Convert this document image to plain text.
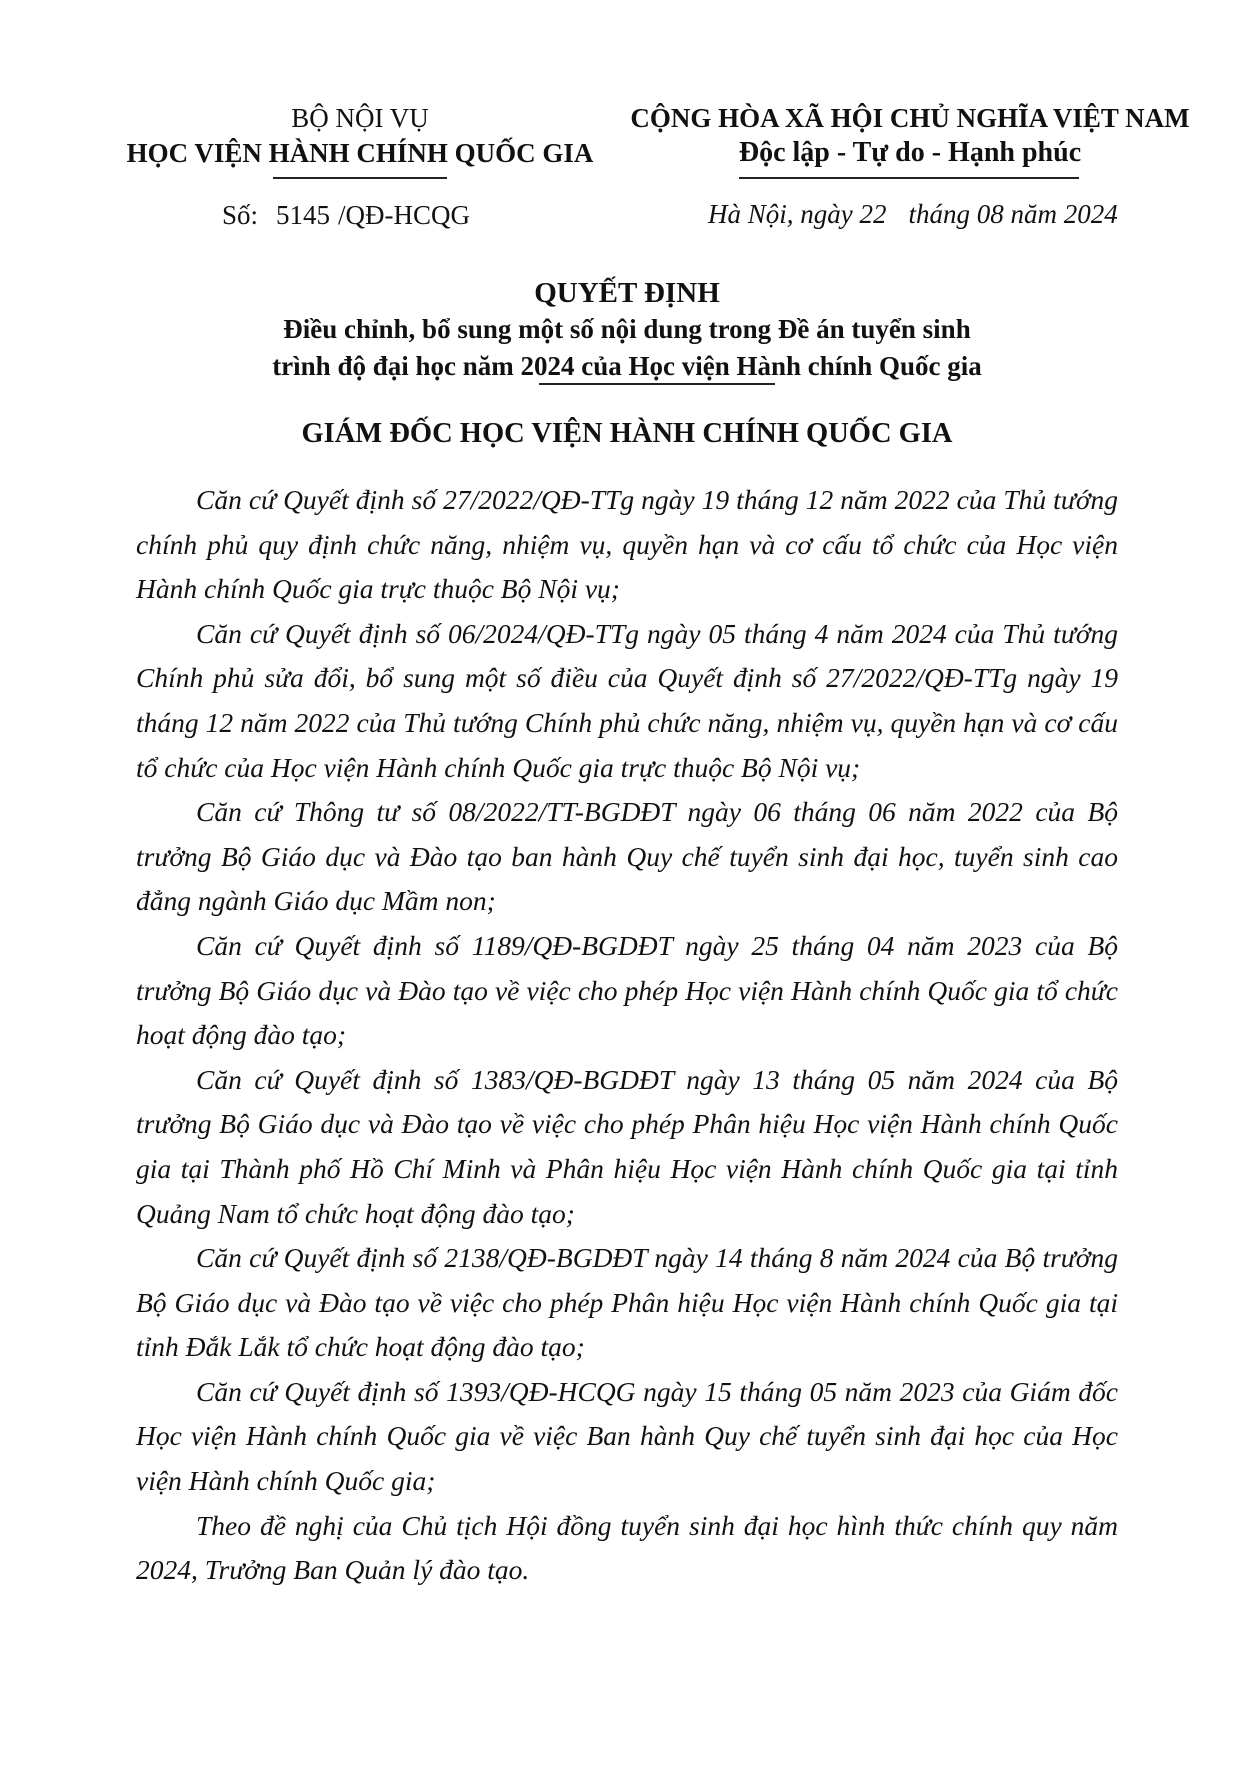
BỘ NỘI VỤ
HỌC VIỆN HÀNH CHÍNH QUỐC GIA
CỘNG HÒA XÃ HỘI CHỦ NGHĨA VIỆT NAM
Độc lập - Tự do - Hạnh phúc
Số: 5145 /QĐ-HCQG	Hà Nội, ngày 22 tháng 08 năm 2024
QUYẾT ĐỊNH
Điều chỉnh, bổ sung một số nội dung trong Đề án tuyển sinh
trình độ đại học năm 2024 của Học viện Hành chính Quốc gia
GIÁM ĐỐC HỌC VIỆN HÀNH CHÍNH QUỐC GIA

Căn cứ Quyết định số 27/2022/QĐ-TTg ngày 19 tháng 12 năm 2022 của Thủ tướng chính phủ quy định chức năng, nhiệm vụ, quyền hạn và cơ cấu tổ chức của Học viện Hành chính Quốc gia trực thuộc Bộ Nội vụ;

Căn cứ Quyết định số 06/2024/QĐ-TTg ngày 05 tháng 4 năm 2024 của Thủ tướng Chính phủ sửa đổi, bổ sung một số điều của Quyết định số 27/2022/QĐ-TTg ngày 19 tháng 12 năm 2022 của Thủ tướng Chính phủ chức năng, nhiệm vụ, quyền hạn và cơ cấu tổ chức của Học viện Hành chính Quốc gia trực thuộc Bộ Nội vụ;

Căn cứ Thông tư số 08/2022/TT-BGDĐT ngày 06 tháng 06 năm 2022 của Bộ trưởng Bộ Giáo dục và Đào tạo ban hành Quy chế tuyển sinh đại học, tuyển sinh cao đẳng ngành Giáo dục Mầm non;

Căn cứ Quyết định số 1189/QĐ-BGDĐT ngày 25 tháng 04 năm 2023 của Bộ trưởng Bộ Giáo dục và Đào tạo về việc cho phép Học viện Hành chính Quốc gia tổ chức hoạt động đào tạo;

Căn cứ Quyết định số 1383/QĐ-BGDĐT ngày 13 tháng 05 năm 2024 của Bộ trưởng Bộ Giáo dục và Đào tạo về việc cho phép Phân hiệu Học viện Hành chính Quốc gia tại Thành phố Hồ Chí Minh và Phân hiệu Học viện Hành chính Quốc gia tại tỉnh Quảng Nam tổ chức hoạt động đào tạo;

Căn cứ Quyết định số 2138/QĐ-BGDĐT ngày 14 tháng 8 năm 2024 của Bộ trưởng Bộ Giáo dục và Đào tạo về việc cho phép Phân hiệu Học viện Hành chính Quốc gia tại tỉnh Đắk Lắk tổ chức hoạt động đào tạo;

Căn cứ Quyết định số 1393/QĐ-HCQG ngày 15 tháng 05 năm 2023 của Giám đốc Học viện Hành chính Quốc gia về việc Ban hành Quy chế tuyển sinh đại học của Học viện Hành chính Quốc gia;

Theo đề nghị của Chủ tịch Hội đồng tuyển sinh đại học hình thức chính quy năm 2024, Trưởng Ban Quản lý đào tạo.
